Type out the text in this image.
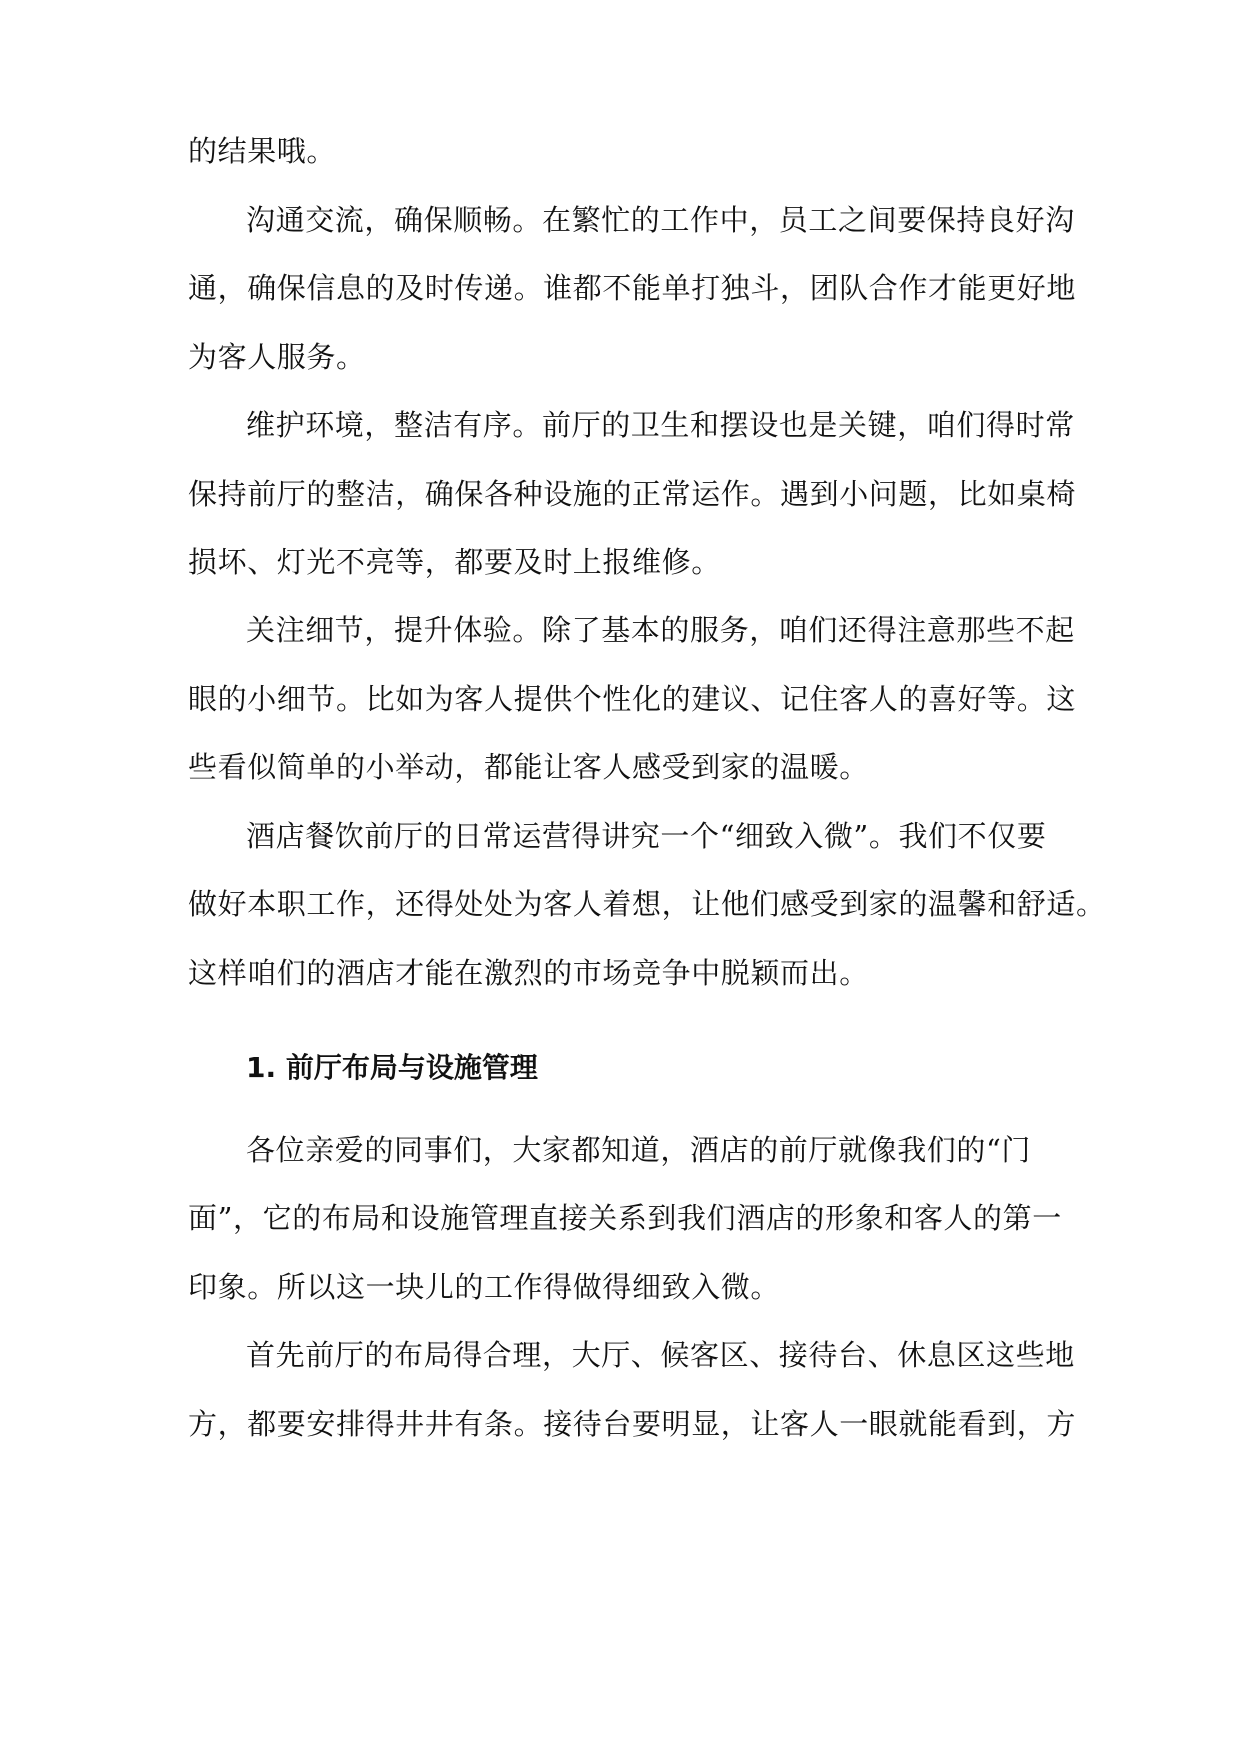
的结果哦。
沟通交流，确保顺畅。在繁忙的工作中，员工之间要保持良好沟
通，确保信息的及时传递。谁都不能单打独斗，团队合作才能更好地
为客人服务。
维护环境，整洁有序。前厅的卫生和摆设也是关键，咱们得时常
保持前厅的整洁，确保各种设施的正常运作。遇到小问题，比如桌椅
损坏、灯光不亮等，都要及时上报维修。
关注细节，提升体验。除了基本的服务，咱们还得注意那些不起
眼的小细节。比如为客人提供个性化的建议、记住客人的喜好等。这
些看似简单的小举动，都能让客人感受到家的温暖。
酒店餐饮前厅的日常运营得讲究一个“细致入微”。我们不仅要
做好本职工作，还得处处为客人着想，让他们感受到家的温馨和舒适。
这样咱们的酒店才能在激烈的市场竞争中脱颖而出。
1. 前厅布局与设施管理
各位亲爱的同事们，大家都知道，酒店的前厅就像我们的“门
面”，它的布局和设施管理直接关系到我们酒店的形象和客人的第一
印象。所以这一块儿的工作得做得细致入微。
首先前厅的布局得合理，大厅、候客区、接待台、休息区这些地
方，都要安排得井井有条。接待台要明显，让客人一眼就能看到，方
